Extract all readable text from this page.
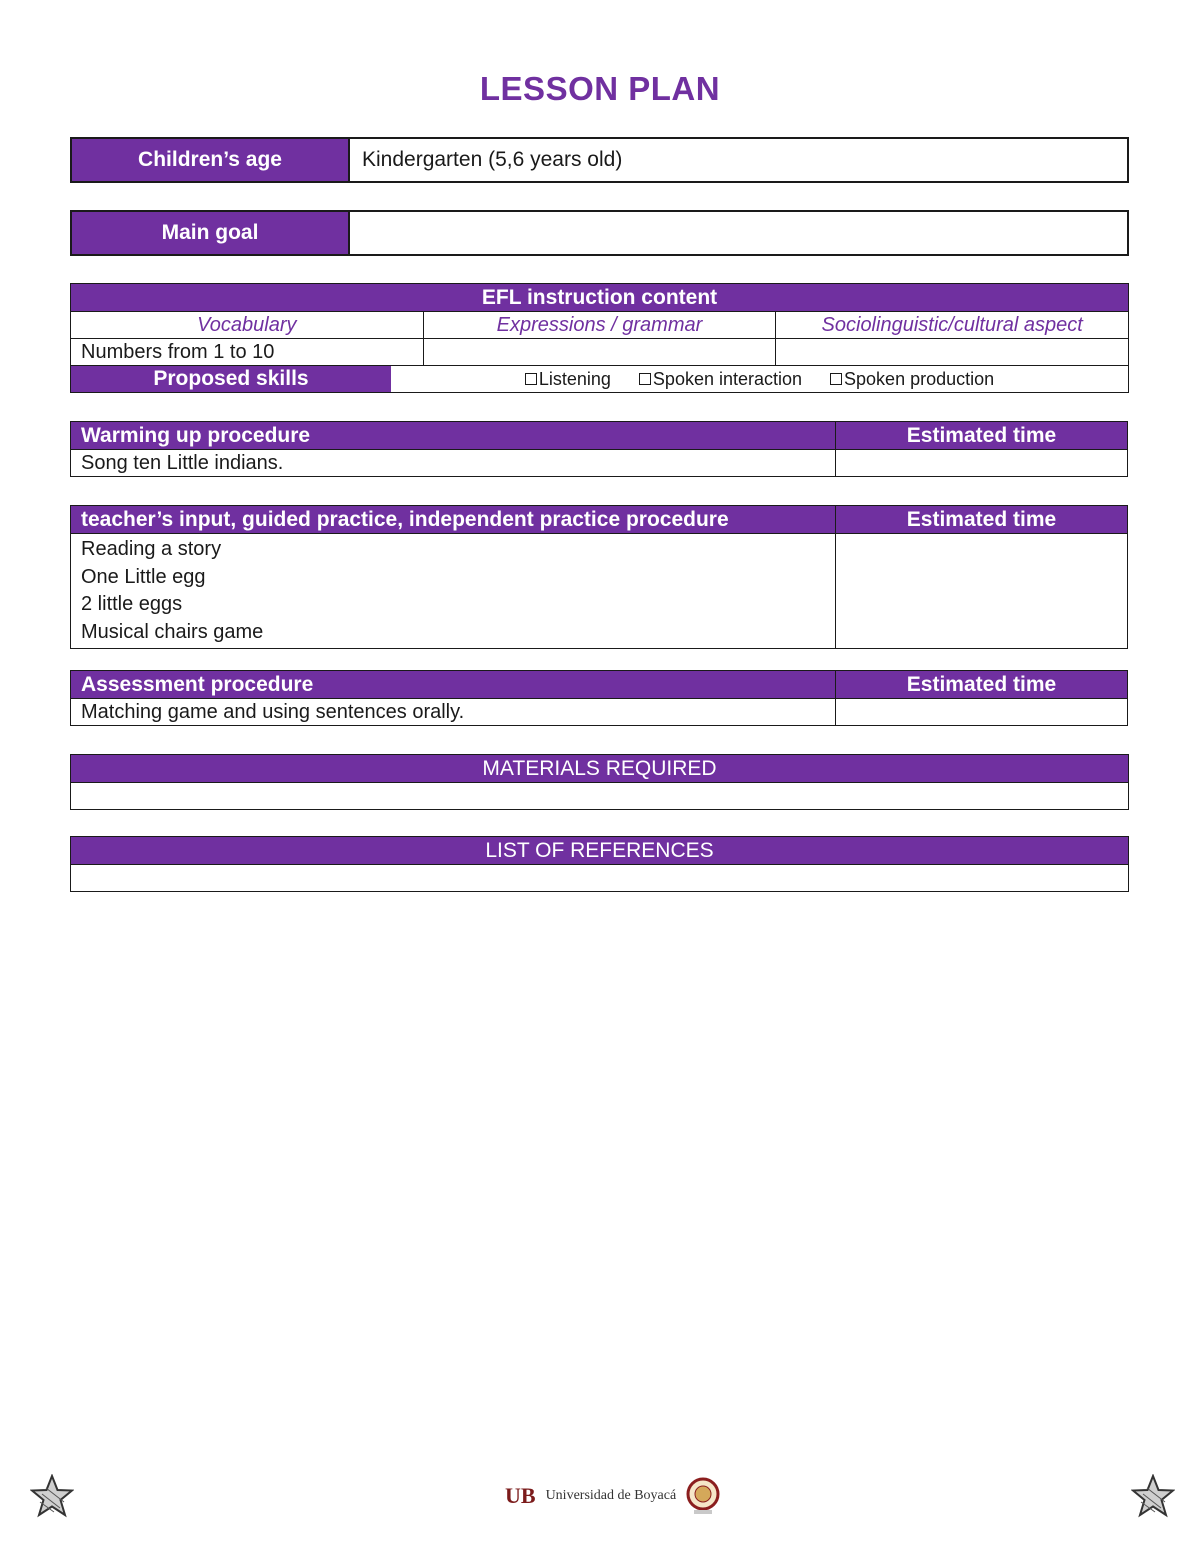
LESSON PLAN
Children’s age	Kindergarten (5,6 years old)
Main goal
EFL instruction content		
Vocabulary	Expressions / grammar	Sociolinguistic/cultural aspect
Numbers from 1 to 10		
Proposed skills	Listening Spoken interaction Spoken production
Warming up procedure	Estimated time
Song ten Little indians.	
teacher’s input, guided practice, independent practice procedure	Estimated time

Reading a story
One Little egg
2 little eggs
Musical chairs game	

Assessment procedure	Estimated time
Matching game and using sentences orally.	
MATERIALS REQUIRED

LIST OF REFERENCES

UB Universidad de Boyacá
